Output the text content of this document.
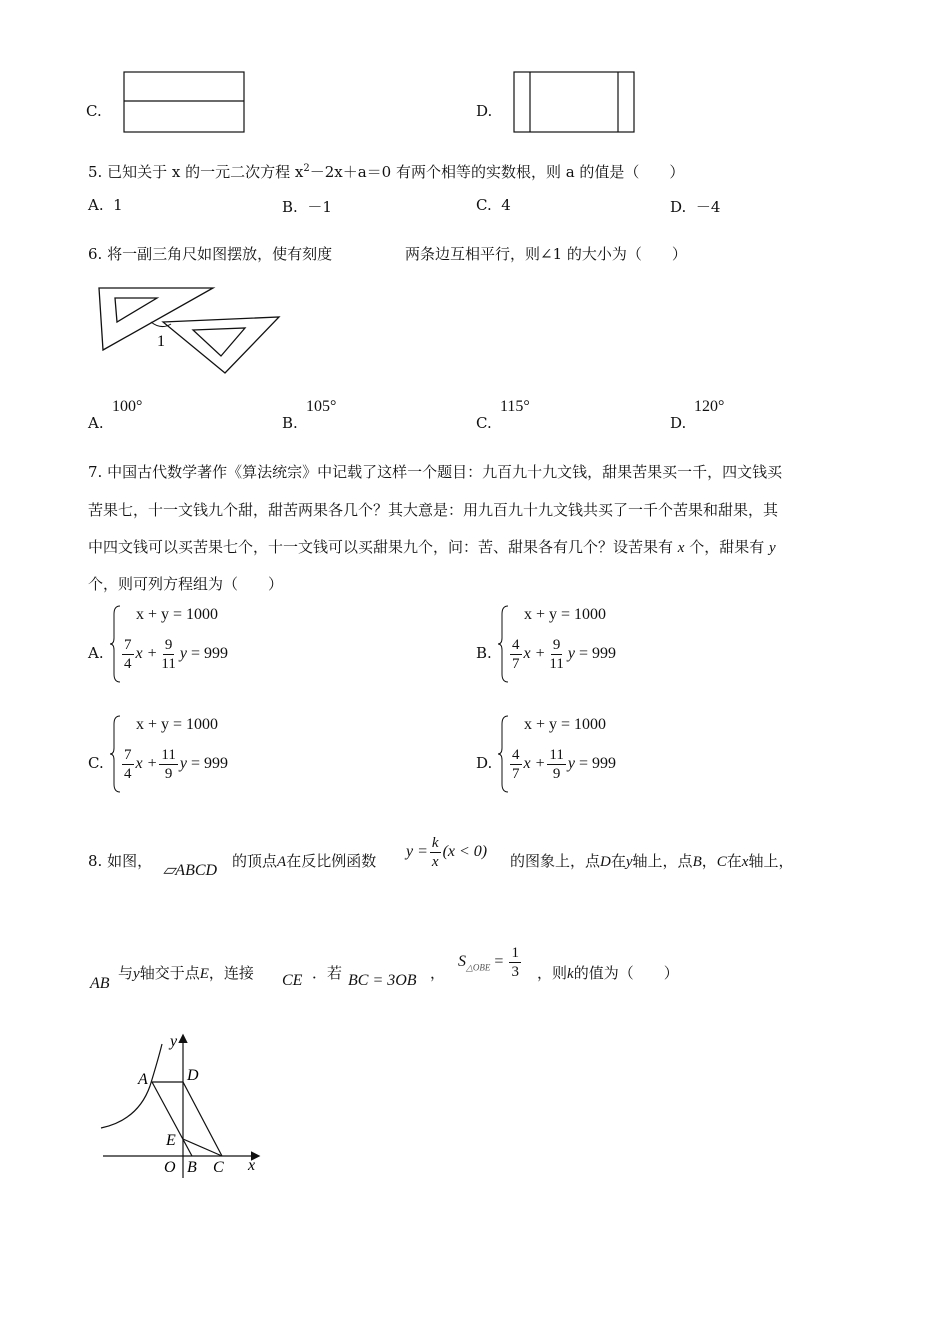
C.	D.
5. 已知关于 x 的一元二次方程 $x^2-2x+a=0$ 有两个相等的实数根，则 a 的值是（　　）
A. 1	B. －1	C. 4	D. －4
6. 将一副三角尺如图摆放，使有刻度	两条边互相平行，则∠1 的大小为（　　）
1
A.
100°
B.
105°
C.
115°
D.
120°
7. 中国古代数学著作《算法统宗》中记载了这样一个题目：九百九十九文钱，甜果苦果买一千，四文钱买
苦果七，十一文钱九个甜，甜苦两果各几个？其大意是：用九百九十九文钱共买了一千个苦果和甜果，其
中四文钱可以买苦果七个，十一文钱可以买甜果九个，问：苦、甜果各有几个？设苦果有 x 个，甜果有 y
个，则可列方程组为（　　）
A.
x + y = 1000
$\frac{7}{4}$ $x + \frac{9}{11}$ y = 999	B.
x + y = 1000
$\frac{4}{7}$ $x + \frac{9}{11}$ y = 999
C.
x + y = 1000
$\frac{7}{4}$ $x + \frac{11}{9}$ y = 999	D.
x + y = 1000
$\frac{4}{7}$ $x + \frac{11}{9}$ y = 999
8. 如图，
▱ABCD
的顶点A在反比例函数
$y = \frac{k}{x} (x < 0)$
的图象上，点D在y轴上，点B，C在x轴上，
AB
与y轴交于点E，连接 CE ．若 BC = 3OB ，
$S_{\triangle OBE} = \frac{1}{3}$ ，则k的值为（　　）
A D
E
O B C x
y
